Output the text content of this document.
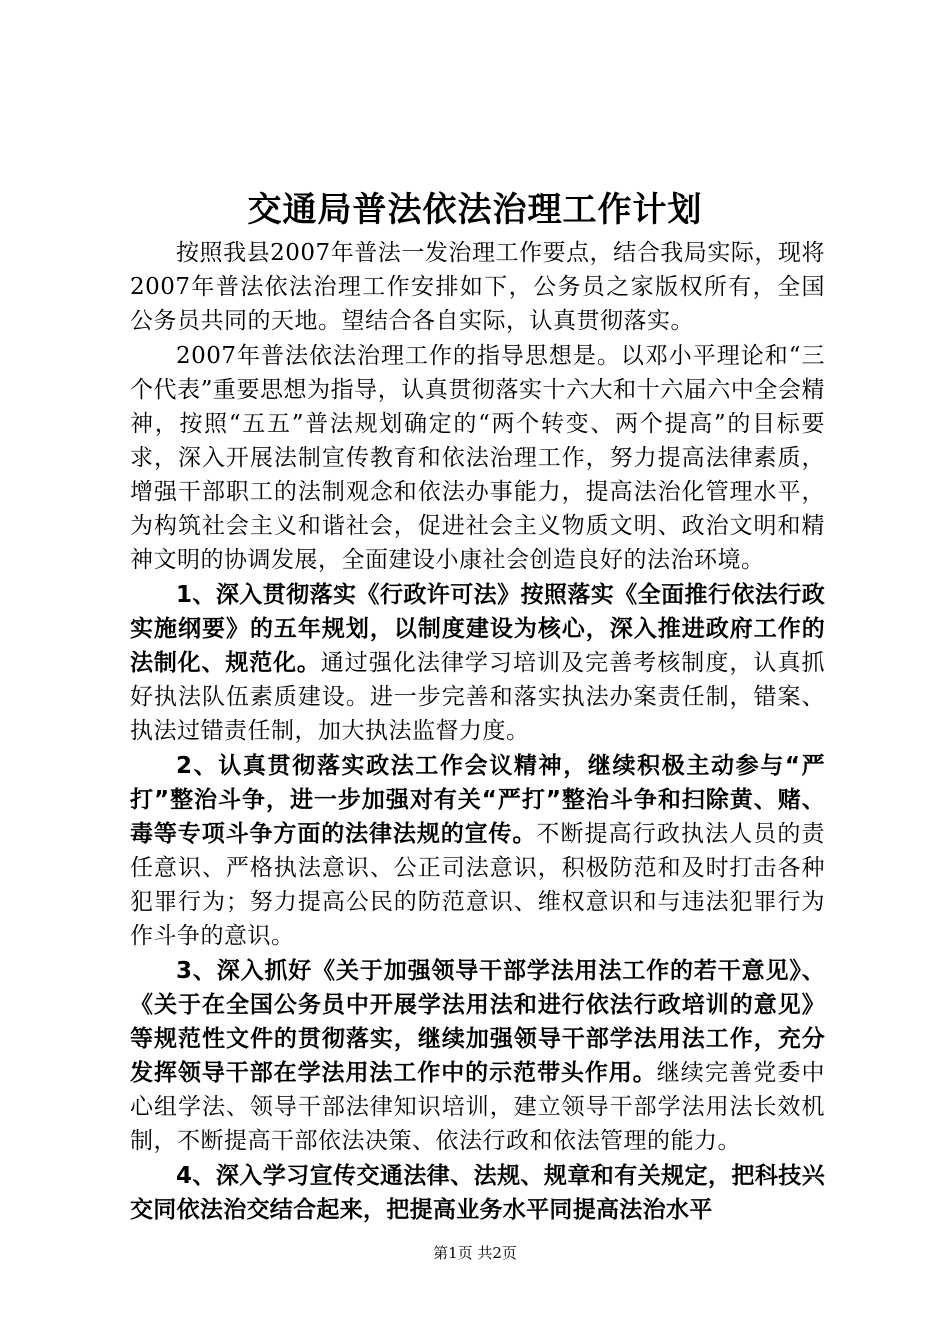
交通局普法依法治理工作计划

按照我县2007年普法一发治理工作要点，结合我局实际，现将2007年普法依法治理工作安排如下，公务员之家版权所有，全国公务员共同的天地。望结合各自实际，认真贯彻落实。

2007年普法依法治理工作的指导思想是。以邓小平理论和“三个代表”重要思想为指导，认真贯彻落实十六大和十六届六中全会精神，按照“五五”普法规划确定的“两个转变、两个提高”的目标要求，深入开展法制宣传教育和依法治理工作，努力提高法律素质，增强干部职工的法制观念和依法办事能力，提高法治化管理水平，为构筑社会主义和谐社会，促进社会主义物质文明、政治文明和精神文明的协调发展，全面建设小康社会创造良好的法治环境。

1、深入贯彻落实《行政许可法》按照落实《全面推行依法行政实施纲要》的五年规划，以制度建设为核心，深入推进政府工作的法制化、规范化。通过强化法律学习培训及完善考核制度，认真抓好执法队伍素质建设。进一步完善和落实执法办案责任制，错案、执法过错责任制，加大执法监督力度。

2、认真贯彻落实政法工作会议精神，继续积极主动参与“严打”整治斗争，进一步加强对有关“严打”整治斗争和扫除黄、赌、毒等专项斗争方面的法律法规的宣传。不断提高行政执法人员的责任意识、严格执法意识、公正司法意识，积极防范和及时打击各种犯罪行为；努力提高公民的防范意识、维权意识和与违法犯罪行为作斗争的意识。

3、深入抓好《关于加强领导干部学法用法工作的若干意见》、《关于在全国公务员中开展学法用法和进行依法行政培训的意见》等规范性文件的贯彻落实，继续加强领导干部学法用法工作，充分发挥领导干部在学法用法工作中的示范带头作用。继续完善党委中心组学法、领导干部法律知识培训，建立领导干部学法用法长效机制，不断提高干部依法决策、依法行政和依法管理的能力。

4、深入学习宣传交通法律、法规、规章和有关规定，把科技兴交同依法治交结合起来，把提高业务水平同提高法治水平

第1页 共2页
